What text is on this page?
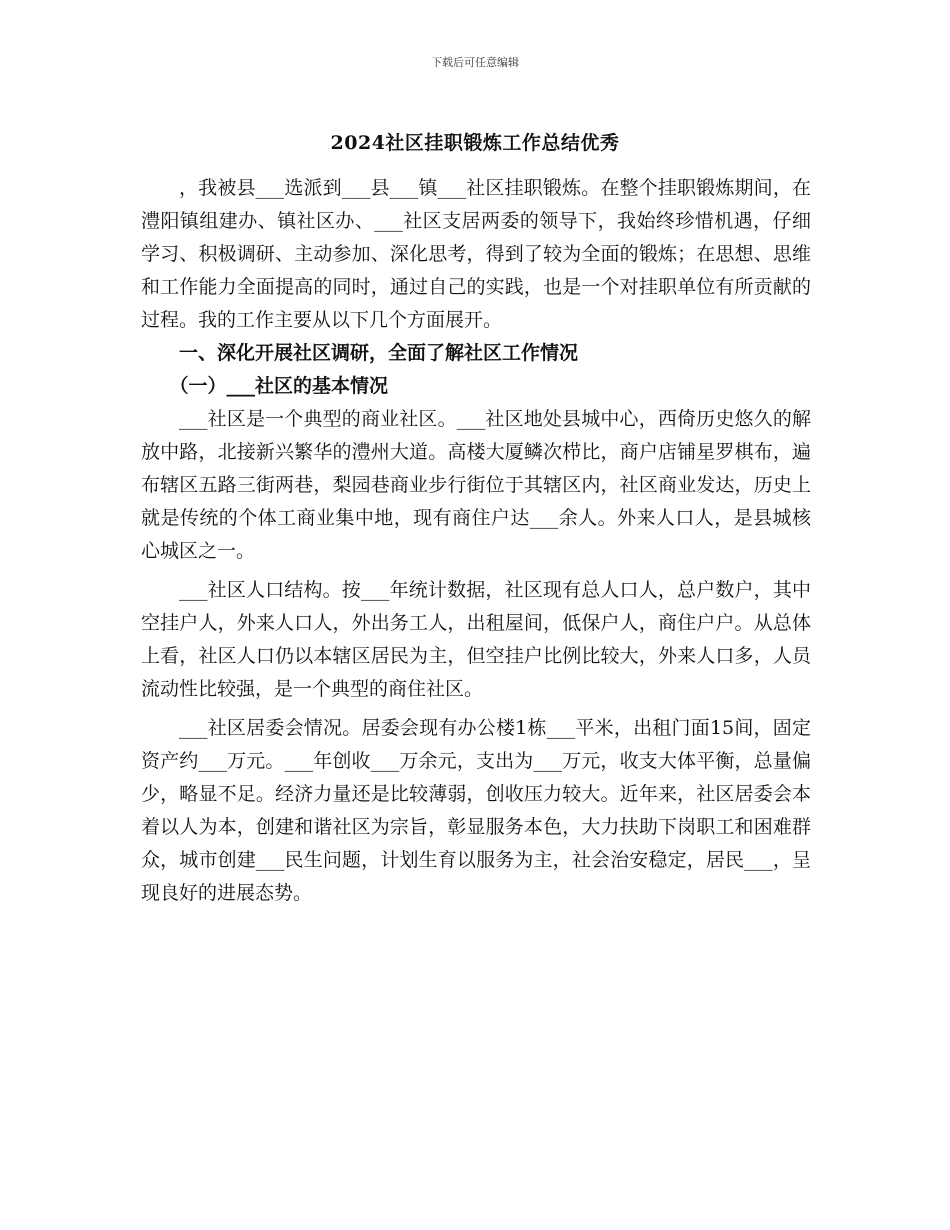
下载后可任意编辑
2024社区挂职锻炼工作总结优秀

，我被县___选派到___县___镇___社区挂职锻炼。在整个挂职锻炼期间，在澧阳镇组建办、镇社区办、___社区支居两委的领导下，我始终珍惜机遇，仔细学习、积极调研、主动参加、深化思考，得到了较为全面的锻炼；在思想、思维和工作能力全面提高的同时，通过自己的实践，也是一个对挂职单位有所贡献的过程。我的工作主要从以下几个方面展开。

一、深化开展社区调研，全面了解社区工作情况

（一）___社区的基本情况

___社区是一个典型的商业社区。___社区地处县城中心，西倚历史悠久的解放中路，北接新兴繁华的澧州大道。高楼大厦鳞次栉比，商户店铺星罗棋布，遍布辖区五路三街两巷，梨园巷商业步行街位于其辖区内，社区商业发达，历史上就是传统的个体工商业集中地，现有商住户达___余人。外来人口人，是县城核心城区之一。

___社区人口结构。按___年统计数据，社区现有总人口人，总户数户，其中空挂户人，外来人口人，外出务工人，出租屋间，低保户人，商住户户。从总体上看，社区人口仍以本辖区居民为主，但空挂户比例比较大，外来人口多，人员流动性比较强，是一个典型的商住社区。

___社区居委会情况。居委会现有办公楼1栋___平米，出租门面15间，固定资产约___万元。___年创收___万余元，支出为___万元，收支大体平衡，总量偏少，略显不足。经济力量还是比较薄弱，创收压力较大。近年来，社区居委会本着以人为本，创建和谐社区为宗旨，彰显服务本色，大力扶助下岗职工和困难群众，城市创建___民生问题，计划生育以服务为主，社会治安稳定，居民___，呈现良好的进展态势。
